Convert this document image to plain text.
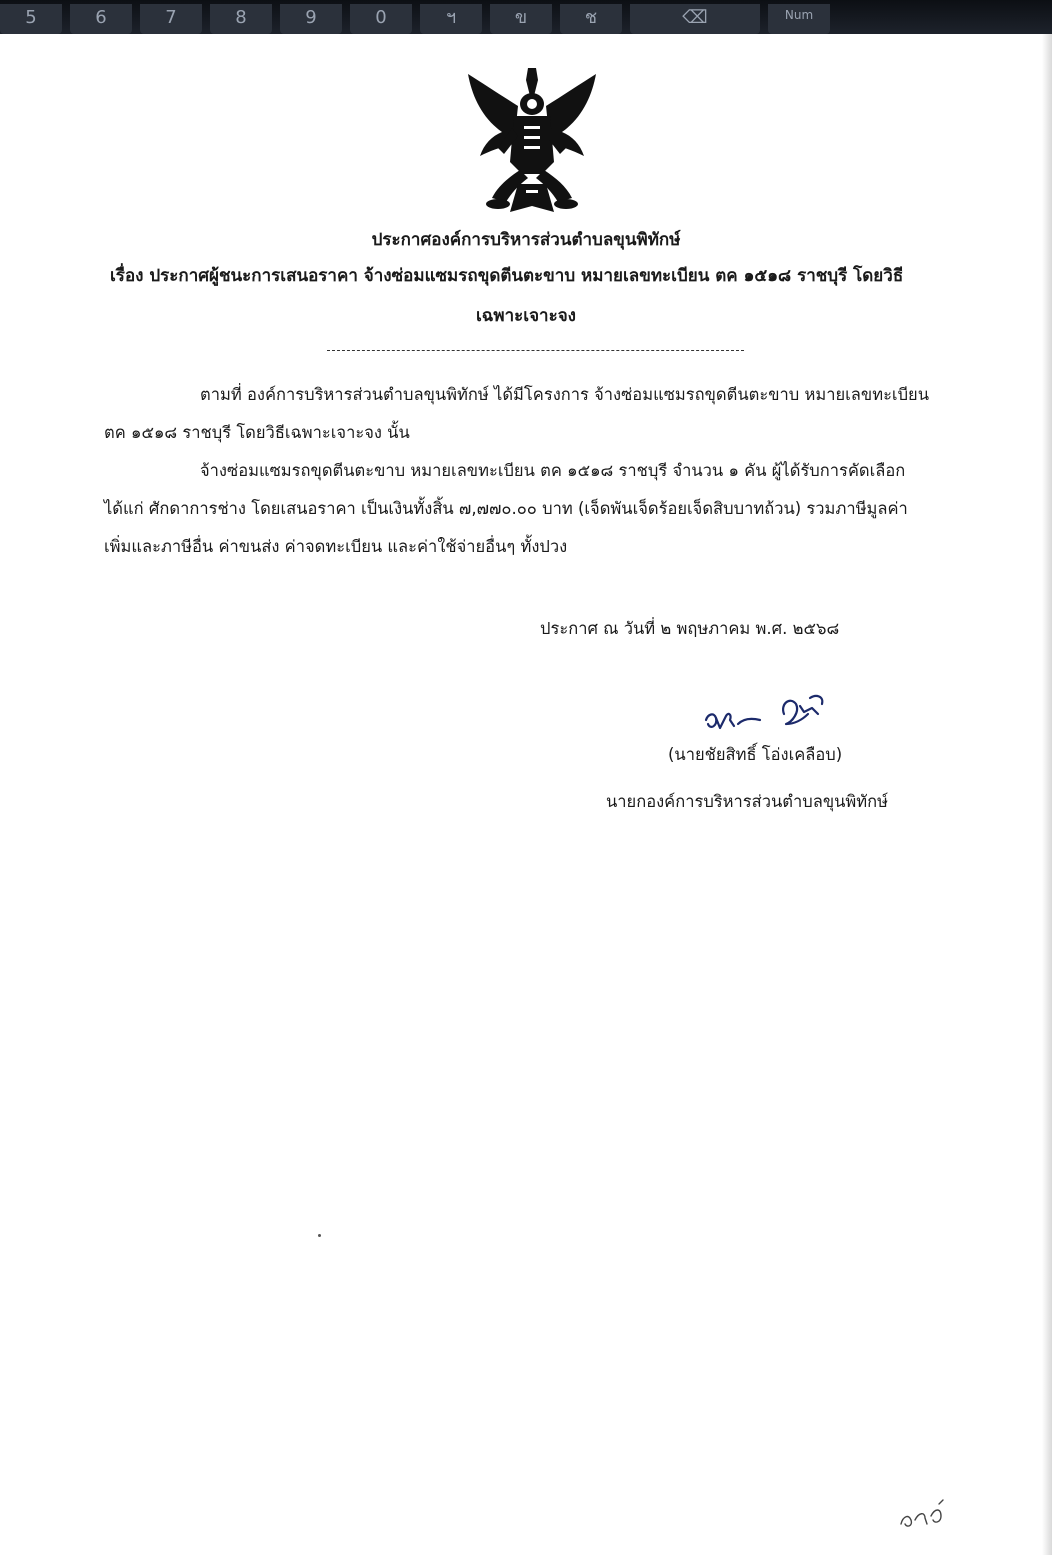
5	6	7	8	9	0	ฯ	ข	ช	⌫	Num
ประกาศองค์การบริหารส่วนตำบลขุนพิทักษ์
เรื่อง ประกาศผู้ชนะการเสนอราคา จ้างซ่อมแซมรถขุดตีนตะขาบ หมายเลขทะเบียน ตค ๑๕๑๘ ราชบุรี โดยวิธี
เฉพาะเจาะจง
ตามที่ องค์การบริหารส่วนตำบลขุนพิทักษ์ ได้มีโครงการ จ้างซ่อมแซมรถขุดตีนตะขาบ หมายเลขทะเบียน
ตค ๑๕๑๘ ราชบุรี โดยวิธีเฉพาะเจาะจง นั้น
จ้างซ่อมแซมรถขุดตีนตะขาบ หมายเลขทะเบียน ตค ๑๕๑๘ ราชบุรี จำนวน ๑ คัน ผู้ได้รับการคัดเลือก
ได้แก่ ศักดาการช่าง โดยเสนอราคา เป็นเงินทั้งสิ้น ๗,๗๗๐.๐๐ บาท (เจ็ดพันเจ็ดร้อยเจ็ดสิบบาทถ้วน) รวมภาษีมูลค่า
เพิ่มและภาษีอื่น ค่าขนส่ง ค่าจดทะเบียน และค่าใช้จ่ายอื่นๆ ทั้งปวง
ประกาศ ณ วันที่ ๒ พฤษภาคม พ.ศ. ๒๕๖๘
(นายชัยสิทธิ์ โอ่งเคลือบ)
นายกองค์การบริหารส่วนตำบลขุนพิทักษ์
